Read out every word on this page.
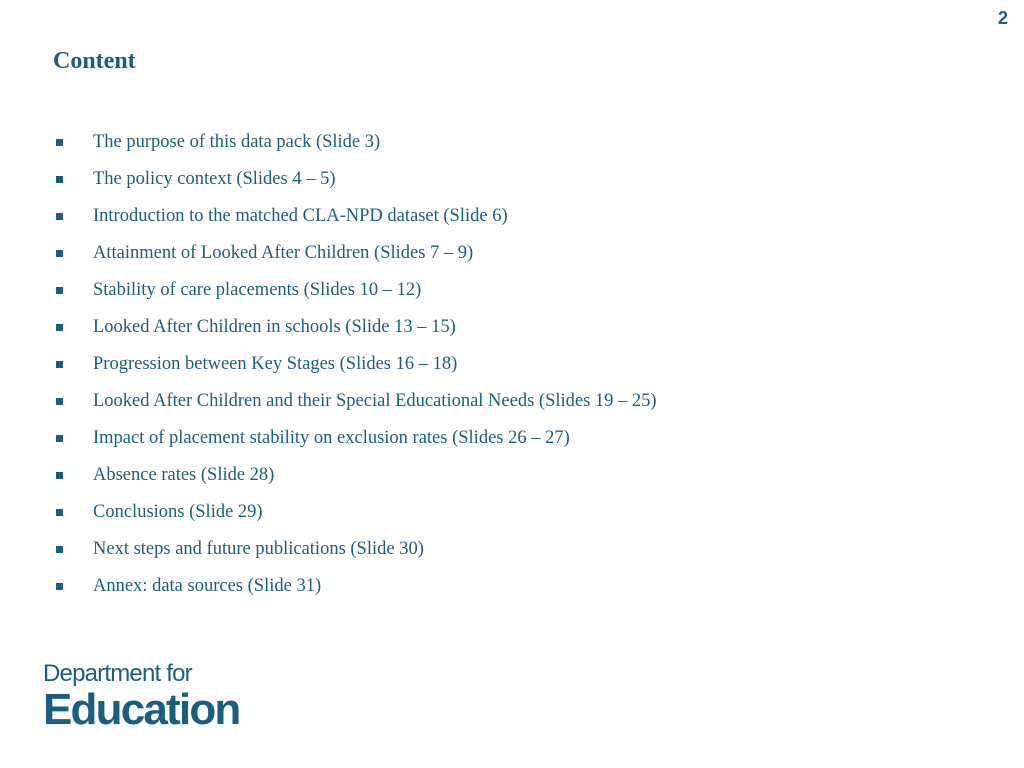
2
Content
The purpose of this data pack (Slide 3)
The policy context (Slides 4 – 5)
Introduction to the matched CLA-NPD dataset (Slide 6)
Attainment of Looked After Children (Slides 7 – 9)
Stability of care placements (Slides 10 – 12)
Looked After Children in schools (Slide 13 – 15)
Progression between Key Stages (Slides 16 – 18)
Looked After Children and their Special Educational Needs (Slides 19 – 25)
Impact of placement stability on exclusion rates (Slides 26 – 27)
Absence rates (Slide 28)
Conclusions (Slide 29)
Next steps and future publications (Slide 30)
Annex: data sources (Slide 31)
Department for
Education
